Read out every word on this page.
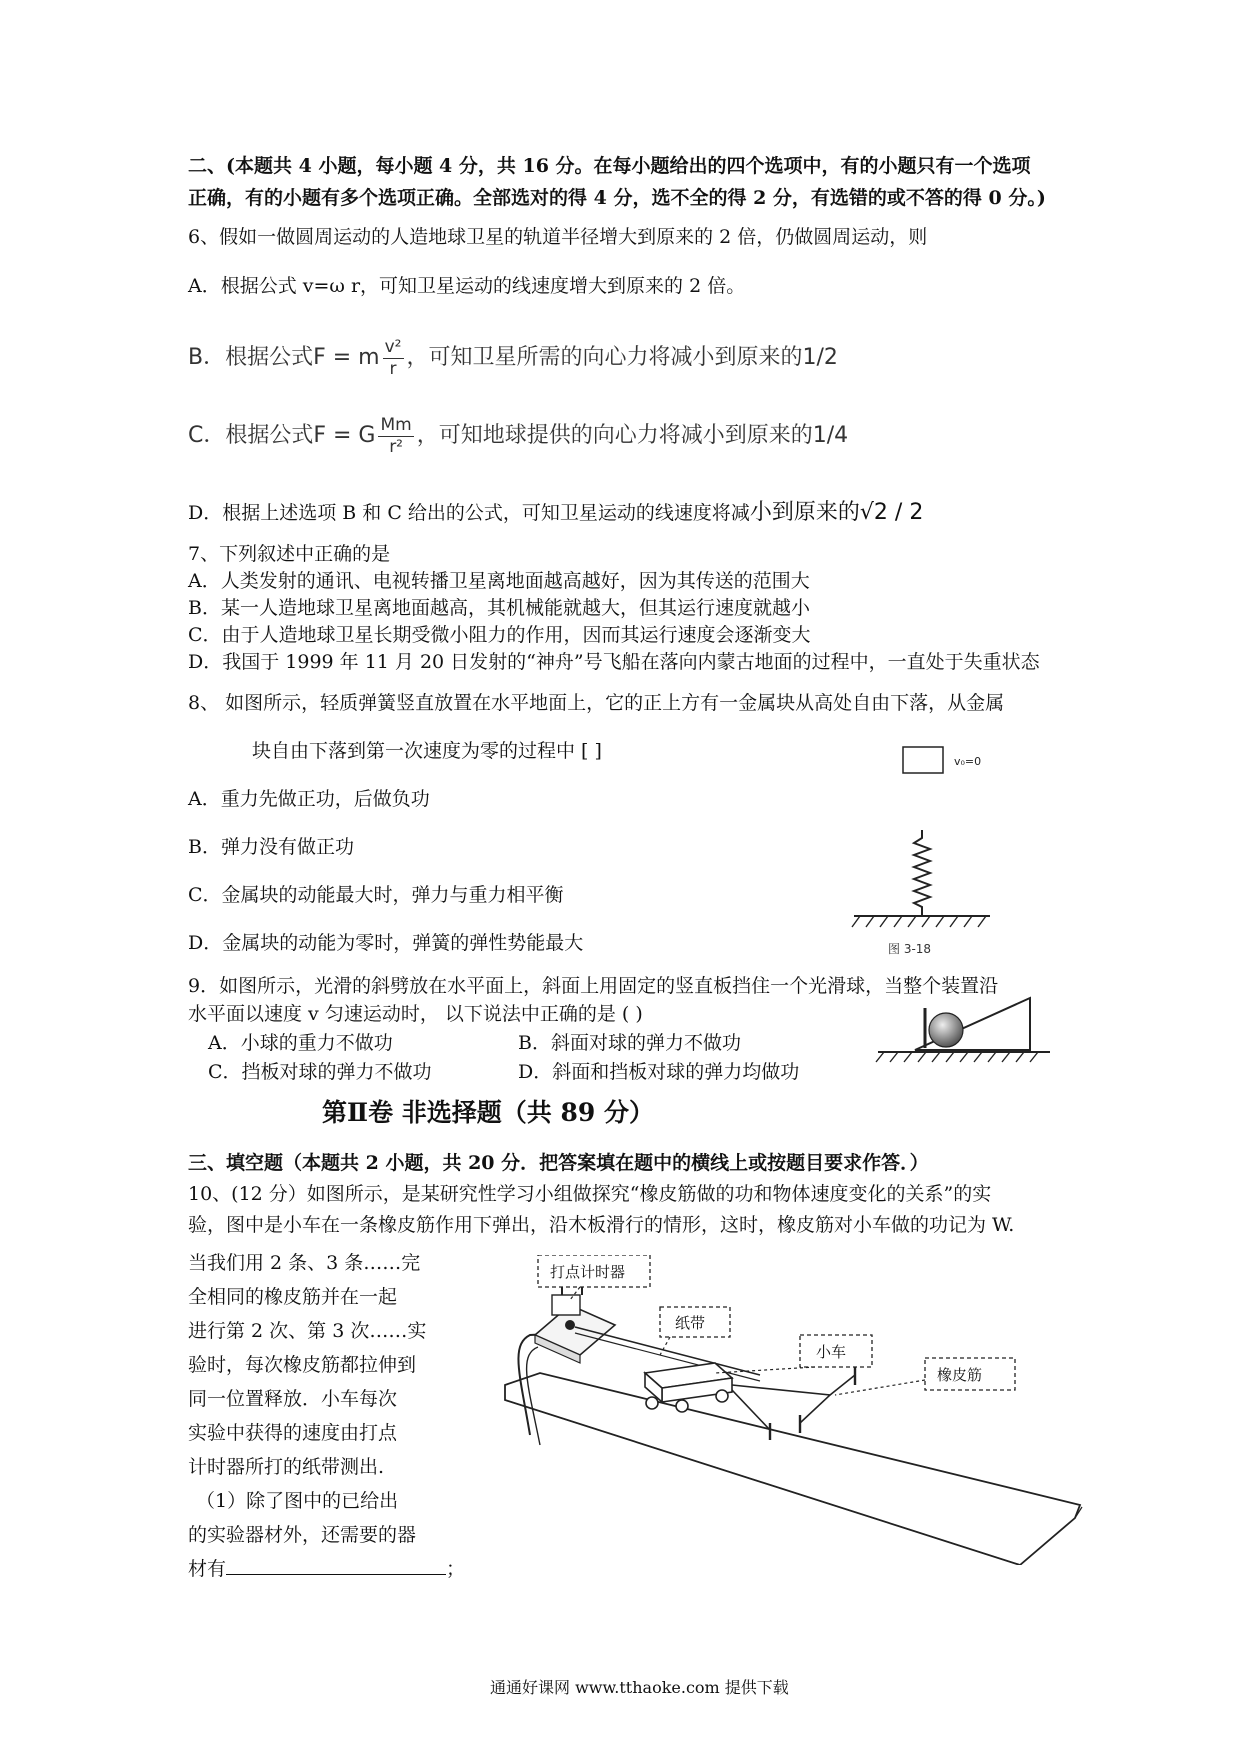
二、(本题共 4 小题，每小题 4 分，共 16 分。在每小题给出的四个选项中，有的小题只有一个选项
正确，有的小题有多个选项正确。全部选对的得 4 分，选不全的得 2 分，有选错的或不答的得 0 分。)
6、假如一做圆周运动的人造地球卫星的轨道半径增大到原来的 2 倍，仍做圆周运动，则
A．根据公式 v=ω r，可知卫星运动的线速度增大到原来的 2 倍。
B．根据公式F = m $\frac{\text{v²}}{r}$ ，可知卫星所需的向心力将减小到原来的1/2
C．根据公式F = G $\frac{Mm}{\text{r²}}$ ，可知地球提供的向心力将减小到原来的1/4
D．根据上述选项 B 和 C 给出的公式，可知卫星运动的线速度将减小到原来的√2 / 2
7、下列叙述中正确的是
A．人类发射的通讯、电视转播卫星离地面越高越好，因为其传送的范围大
B．某一人造地球卫星离地面越高，其机械能就越大，但其运行速度就越小
C．由于人造地球卫星长期受微小阻力的作用，因而其运行速度会逐渐变大
D．我国于 1999 年 11 月 20 日发射的“神舟”号飞船在落向内蒙古地面的过程中，一直处于失重状态
8、 如图所示，轻质弹簧竖直放置在水平地面上，它的正上方有一金属块从高处自由下落，从金属
块自由下落到第一次速度为零的过程中 [ ]
A．重力先做正功，后做负功
B．弹力没有做正功
C．金属块的动能最大时，弹力与重力相平衡
D．金属块的动能为零时，弹簧的弹性势能最大
v₀=0
图 3-18
9．如图所示，光滑的斜劈放在水平面上，斜面上用固定的竖直板挡住一个光滑球，当整个装置沿
水平面以速度 v 匀速运动时， 以下说法中正确的是 ( )
A．小球的重力不做功	B．斜面对球的弹力不做功
C．挡板对球的弹力不做功	D．斜面和挡板对球的弹力均做功
第Ⅱ卷 非选择题（共 89 分）
三、填空题（本题共 2 小题，共 20 分．把答案填在题中的横线上或按题目要求作答．）
10、(12 分）如图所示，是某研究性学习小组做探究“橡皮筋做的功和物体速度变化的关系”的实
验，图中是小车在一条橡皮筋作用下弹出，沿木板滑行的情形，这时，橡皮筋对小车做的功记为 W.
当我们用 2 条、3 条……完
全相同的橡皮筋并在一起
进行第 2 次、第 3 次……实
验时，每次橡皮筋都拉伸到
同一位置释放．小车每次
实验中获得的速度由打点
计时器所打的纸带测出.
（1）除了图中的已给出
的实验器材外，还需要的器
材有	；
打点计时器
纸带
小车
橡皮筋
通通好课网 www.tthaoke.com 提供下载
